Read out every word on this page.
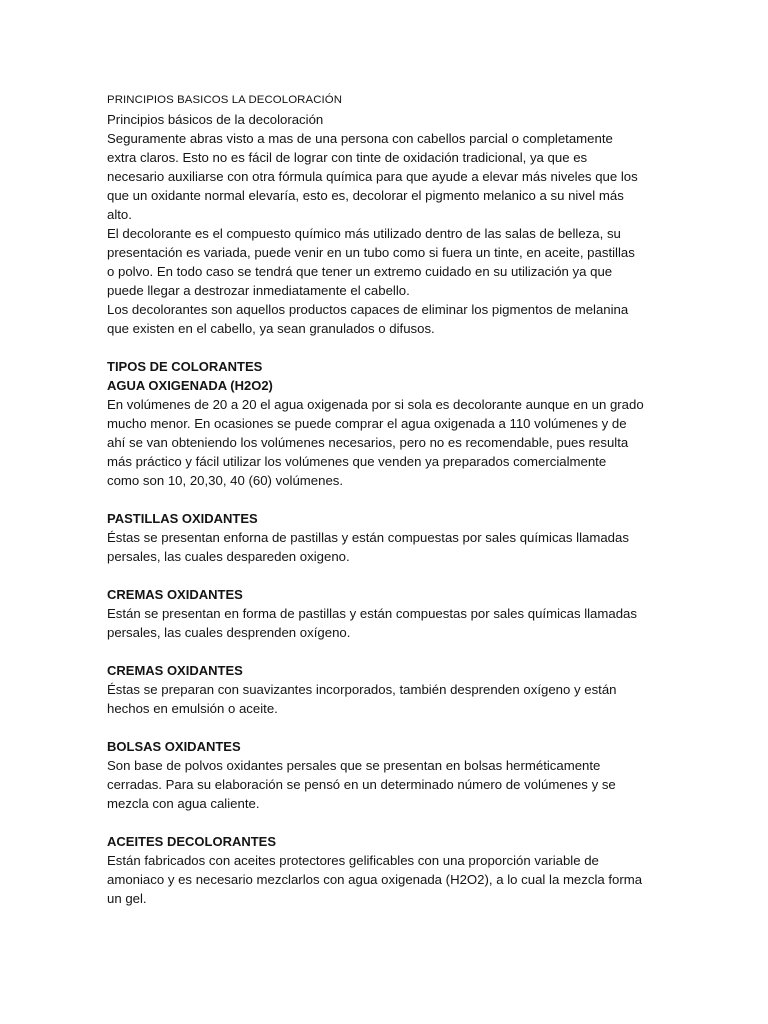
PRINCIPIOS BASICOS LA DECOLORACIÓN
Principios básicos de la decoloración
Seguramente abras visto a mas de una persona con cabellos parcial o completamente
extra claros. Esto no es fácil de lograr con tinte de oxidación tradicional, ya que es
necesario auxiliarse con otra fórmula química para que ayude a elevar más niveles que los
que un oxidante normal elevaría, esto es, decolorar el pigmento melanico a su nivel más
alto.
El decolorante es el compuesto químico más utilizado dentro de las salas de belleza, su
presentación es variada, puede venir en un tubo como si fuera un tinte, en aceite, pastillas
o polvo. En todo caso se tendrá que tener un extremo cuidado en su utilización ya que
puede llegar a destrozar inmediatamente el cabello.
Los decolorantes son aquellos productos capaces de eliminar los pigmentos de melanina
que existen en el cabello, ya sean granulados o difusos.
TIPOS DE COLORANTES
AGUA OXIGENADA (H2O2)
En volúmenes de 20 a 20 el agua oxigenada por si sola es decolorante aunque en un grado
mucho menor. En ocasiones se puede comprar el agua oxigenada a 110 volúmenes y de
ahí se van obteniendo los volúmenes necesarios, pero no es recomendable, pues resulta
más práctico y fácil utilizar los volúmenes que venden ya preparados comercialmente
como son 10, 20,30, 40 (60) volúmenes.
PASTILLAS OXIDANTES
Éstas se presentan enforna de pastillas y están compuestas por sales químicas llamadas
persales, las cuales despareden oxigeno.
CREMAS OXIDANTES
Están se presentan en forma de pastillas y están compuestas por sales químicas llamadas
persales, las cuales desprenden oxígeno.
CREMAS OXIDANTES
Éstas se preparan con suavizantes incorporados, también desprenden oxígeno y están
hechos en emulsión o aceite.
BOLSAS OXIDANTES
Son base de polvos oxidantes persales que se presentan en bolsas herméticamente
cerradas. Para su elaboración se pensó en un determinado número de volúmenes y se
mezcla con agua caliente.
ACEITES DECOLORANTES
Están fabricados con aceites protectores gelificables con una proporción variable de
amoniaco y es necesario mezclarlos con agua oxigenada (H2O2), a lo cual la mezcla forma
un gel.
